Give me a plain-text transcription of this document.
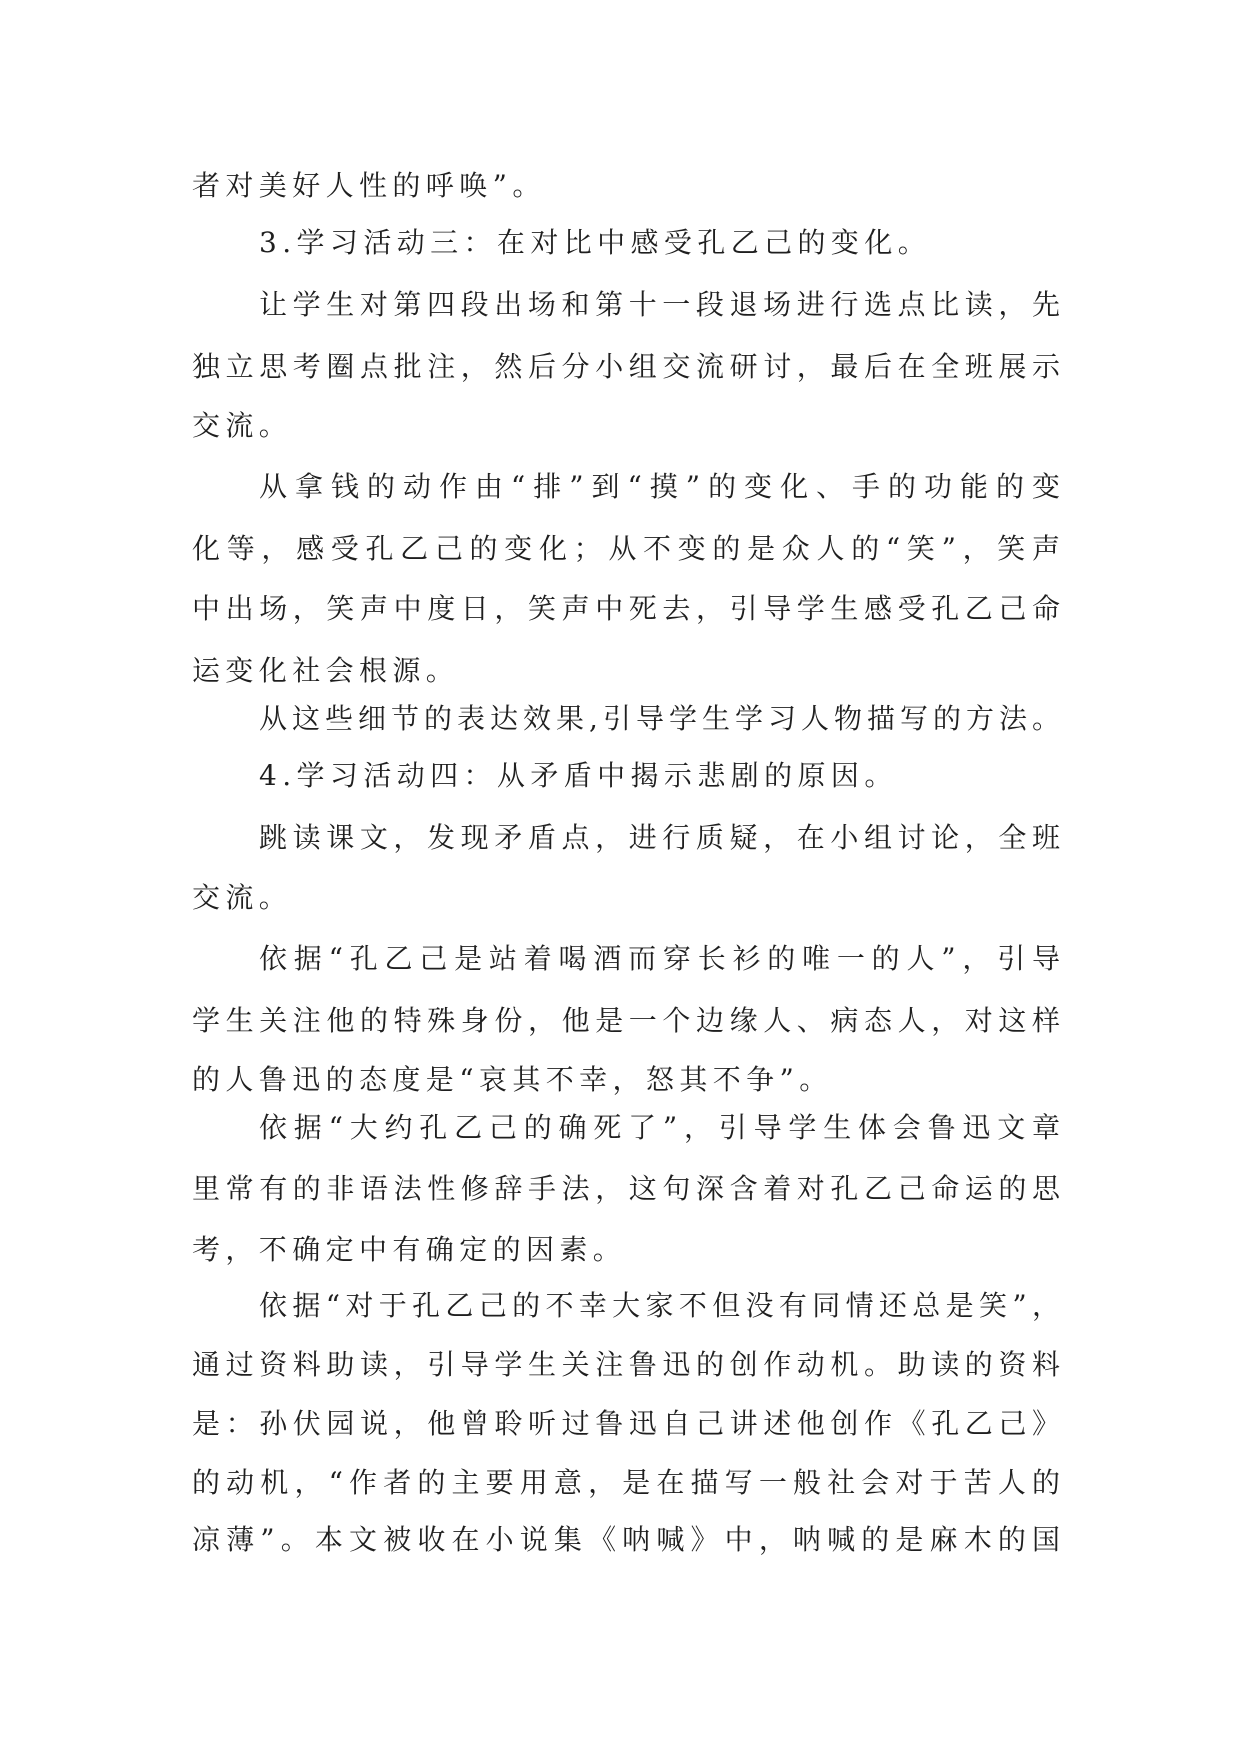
者对美好人性的呼唤”。
3.学习活动三：在对比中感受孔乙己的变化。
让学生对第四段出场和第十一段退场进行选点比读，先
独立思考圈点批注，然后分小组交流研讨，最后在全班展示
交流。
从拿钱的动作由“排”到“摸”的变化、手的功能的变
化等，感受孔乙己的变化；从不变的是众人的“笑”，笑声
中出场，笑声中度日，笑声中死去，引导学生感受孔乙己命
运变化社会根源。
从这些细节的表达效果,引导学生学习人物描写的方法。
4.学习活动四：从矛盾中揭示悲剧的原因。
跳读课文，发现矛盾点，进行质疑，在小组讨论，全班
交流。
依据“孔乙己是站着喝酒而穿长衫的唯一的人”，引导
学生关注他的特殊身份，他是一个边缘人、病态人，对这样
的人鲁迅的态度是“哀其不幸，怒其不争”。
依据“大约孔乙己的确死了”，引导学生体会鲁迅文章
里常有的非语法性修辞手法，这句深含着对孔乙己命运的思
考，不确定中有确定的因素。
依据“对于孔乙己的不幸大家不但没有同情还总是笑”，
通过资料助读，引导学生关注鲁迅的创作动机。助读的资料
是：孙伏园说，他曾聆听过鲁迅自己讲述他创作《孔乙己》
的动机，“作者的主要用意，是在描写一般社会对于苦人的
凉薄”。本文被收在小说集《呐喊》中，呐喊的是麻木的国
